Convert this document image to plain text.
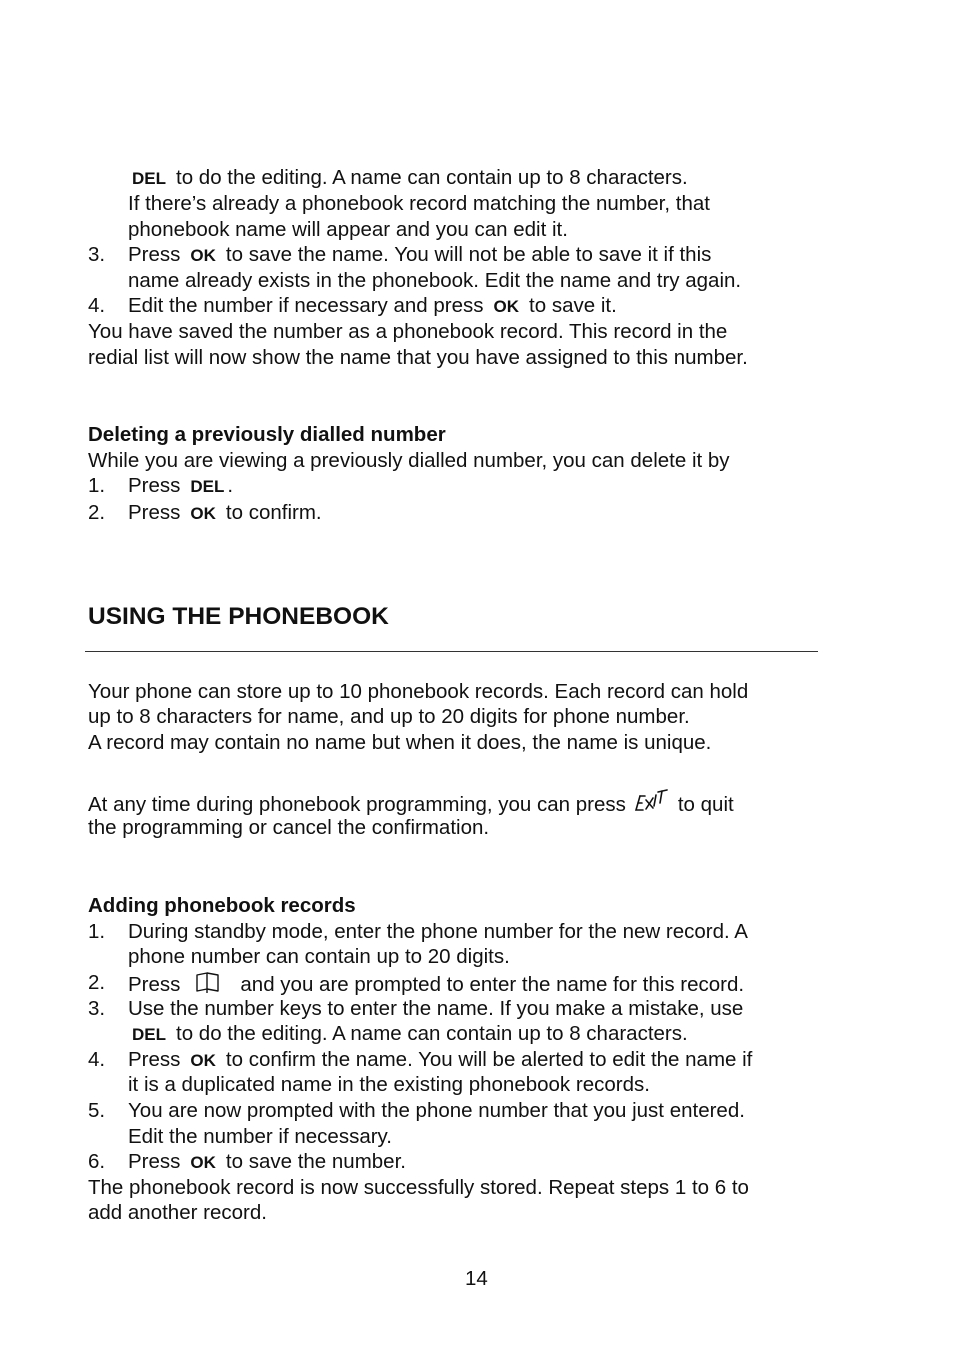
DEL to do the editing. A name can contain up to 8 characters.
If there’s already a phonebook record matching the number, that
phonebook name will appear and you can edit it.
3. Press OK to save the name. You will not be able to save it if this
name already exists in the phonebook. Edit the name and try again.
4. Edit the number if necessary and press OK to save it.
You have saved the number as a phonebook record. This record in the
redial list will now show the name that you have assigned to this number.
Deleting a previously dialled number
While you are viewing a previously dialled number, you can delete it by
1. Press DEL .
2. Press OK to confirm.
USING THE PHONEBOOK
Your phone can store up to 10 phonebook records. Each record can hold
up to 8 characters for name, and up to 20 digits for phone number.
A record may contain no name but when it does, the name is unique.
At any time during phonebook programming, you can press	to quit
the programming or cancel the confirmation.
Adding phonebook records
1. During standby mode, enter the phone number for the new record. A
phone number can contain up to 20 digits.
2. Press	and you are prompted to enter the name for this record.
3. Use the number keys to enter the name. If you make a mistake, use
DEL to do the editing. A name can contain up to 8 characters.
4. Press OK to confirm the name. You will be alerted to edit the name if
it is a duplicated name in the existing phonebook records.
5. You are now prompted with the phone number that you just entered.
Edit the number if necessary.
6. Press OK to save the number.
The phonebook record is now successfully stored. Repeat steps 1 to 6 to
add another record.
14
